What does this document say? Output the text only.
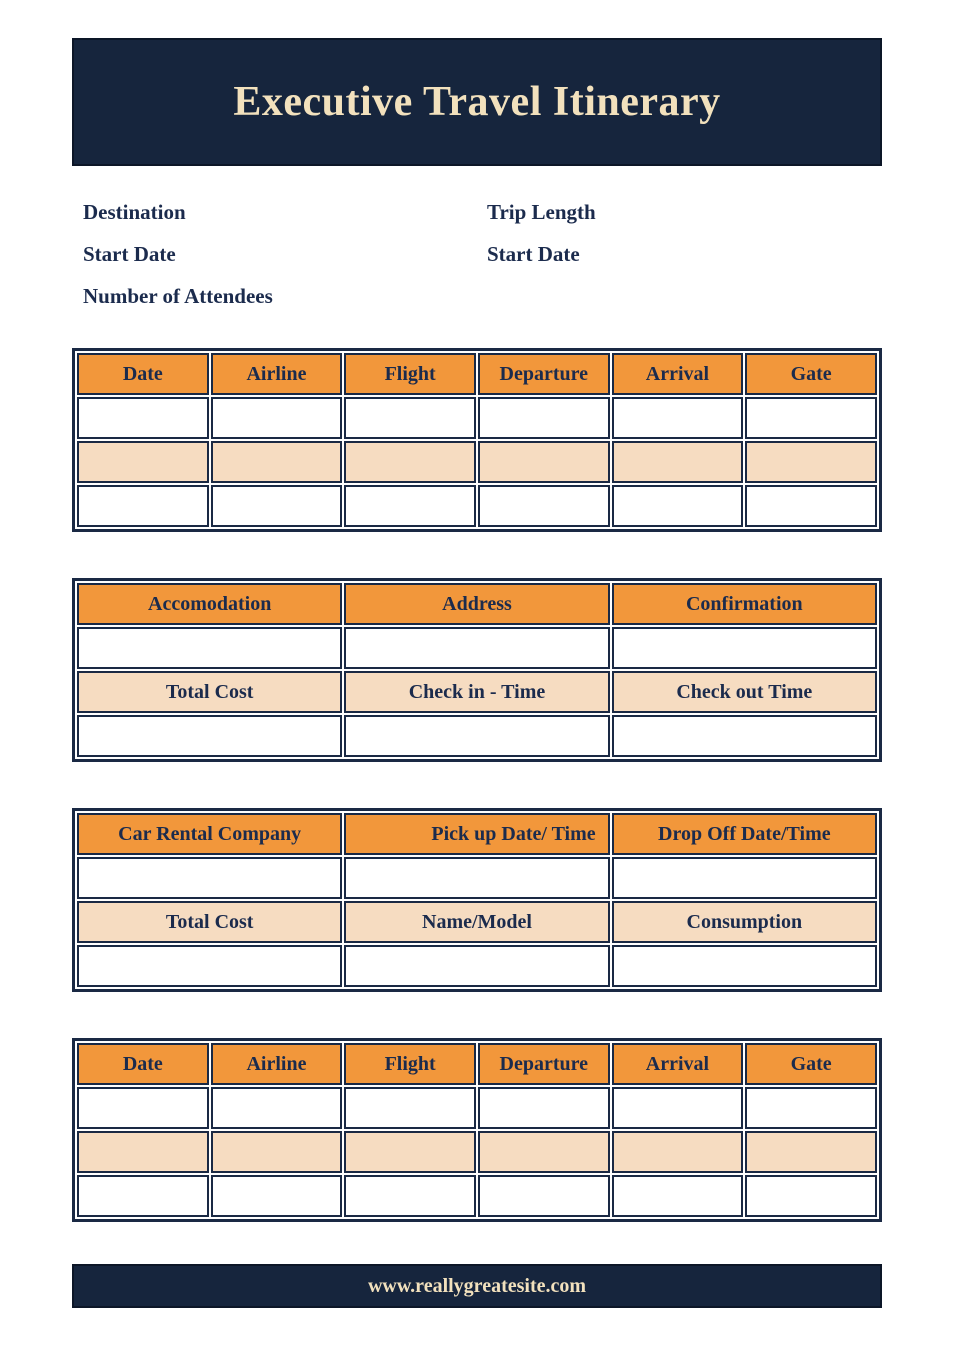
Executive Travel Itinerary
Destination
Start Date
Number of Attendees
Trip Length
Start Date
Date	Airline	Flight	Departure	Arrival	Gate

Accomodation	Address	Confirmation

Total Cost	Check in - Time	Check out Time

Car Rental Company	Pick up Date/ Time	Drop Off Date/Time

Total Cost	Name/Model	Consumption

Date	Airline	Flight	Departure	Arrival	Gate

www.reallygreatesite.com
